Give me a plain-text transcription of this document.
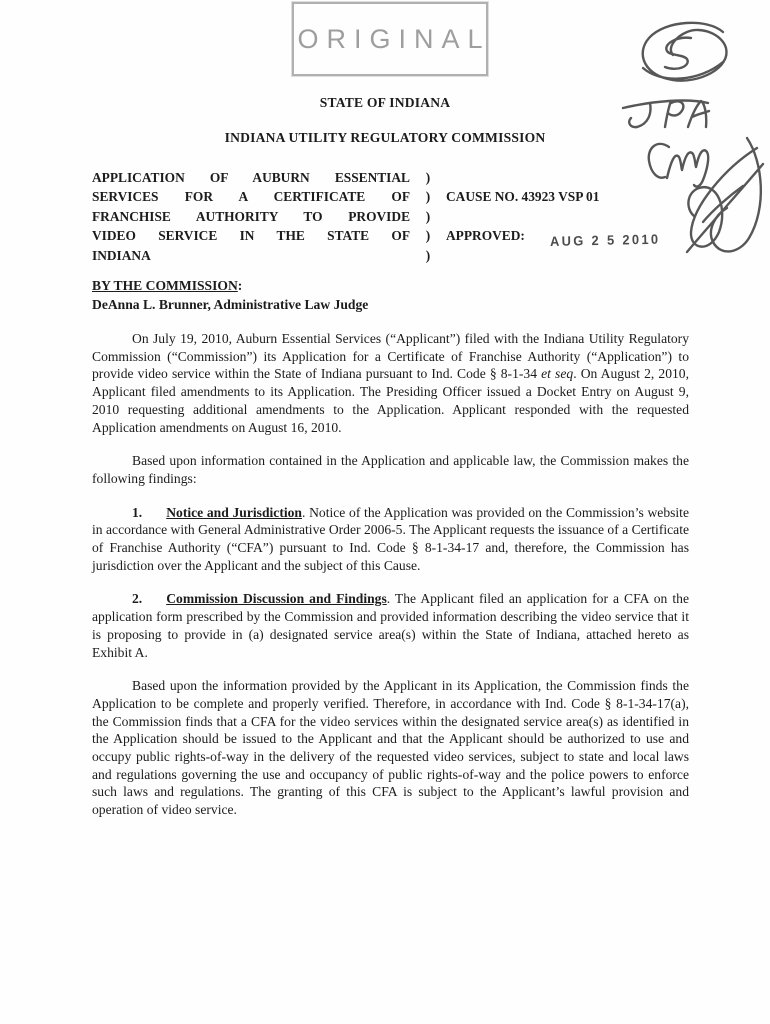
ORIGINAL
STATE OF INDIANA
INDIANA UTILITY REGULATORY COMMISSION
APPLICATION OF AUBURN ESSENTIAL
SERVICES FOR A CERTIFICATE OF
FRANCHISE AUTHORITY TO PROVIDE
VIDEO SERVICE IN THE STATE OF
INDIANA
)
)
)
)
)
CAUSE NO. 43923 VSP 01
APPROVED: AUG 2 5 2010
BY THE COMMISSION:
DeAnna L. Brunner, Administrative Law Judge

On July 19, 2010, Auburn Essential Services (“Applicant”) filed with the Indiana Utility Regulatory Commission (“Commission”) its Application for a Certificate of Franchise Authority (“Application”) to provide video service within the State of Indiana pursuant to Ind. Code § 8-1-34 et seq. On August 2, 2010, Applicant filed amendments to its Application. The Presiding Officer issued a Docket Entry on August 9, 2010 requesting additional amendments to the Application. Applicant responded with the requested Application amendments on August 16, 2010.

Based upon information contained in the Application and applicable law, the Commission makes the following findings:

1. Notice and Jurisdiction. Notice of the Application was provided on the Commission’s website in accordance with General Administrative Order 2006-5. The Applicant requests the issuance of a Certificate of Franchise Authority (“CFA”) pursuant to Ind. Code § 8-1-34-17 and, therefore, the Commission has jurisdiction over the Applicant and the subject of this Cause.

2. Commission Discussion and Findings. The Applicant filed an application for a CFA on the application form prescribed by the Commission and provided information describing the video service that it is proposing to provide in (a) designated service area(s) within the State of Indiana, attached hereto as Exhibit A.

Based upon the information provided by the Applicant in its Application, the Commission finds the Application to be complete and properly verified. Therefore, in accordance with Ind. Code § 8-1-34-17(a), the Commission finds that a CFA for the video services within the designated service area(s) as identified in the Application should be issued to the Applicant and that the Applicant should be authorized to use and occupy public rights-of-way in the delivery of the requested video services, subject to state and local laws and regulations governing the use and occupancy of public rights-of-way and the police powers to enforce such laws and regulations. The granting of this CFA is subject to the Applicant’s lawful provision and operation of video service.
